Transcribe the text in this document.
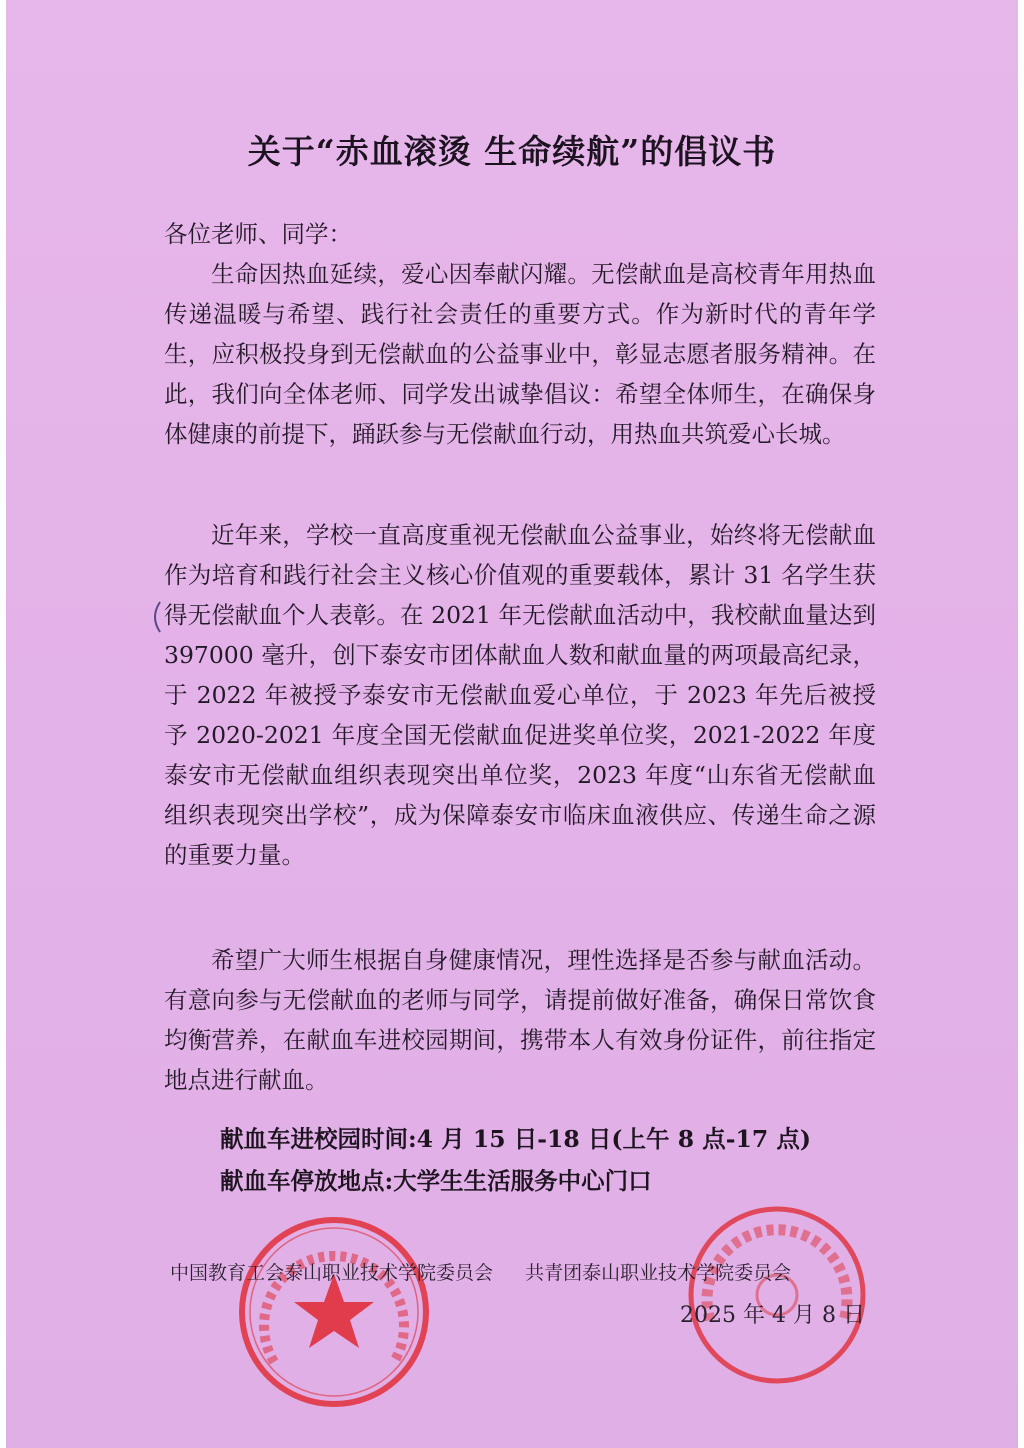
关于“赤血滚烫 生命续航”的倡议书
各位老师、同学：

生命因热血延续，爱心因奉献闪耀。无偿献血是高校青年用热血传递温暖与希望、践行社会责任的重要方式。作为新时代的青年学生，应积极投身到无偿献血的公益事业中，彰显志愿者服务精神。在此，我们向全体老师、同学发出诚挚倡议：希望全体师生，在确保身体健康的前提下，踊跃参与无偿献血行动，用热血共筑爱心长城。

近年来，学校一直高度重视无偿献血公益事业，始终将无偿献血作为培育和践行社会主义核心价值观的重要载体，累计 31 名学生获得无偿献血个人表彰。在 2021 年无偿献血活动中，我校献血量达到 397000 毫升，创下泰安市团体献血人数和献血量的两项最高纪录，于 2022 年被授予泰安市无偿献血爱心单位，于 2023 年先后被授予 2020-2021 年度全国无偿献血促进奖单位奖，2021-2022 年度泰安市无偿献血组织表现突出单位奖，2023 年度“山东省无偿献血组织表现突出学校”，成为保障泰安市临床血液供应、传递生命之源的重要力量。

希望广大师生根据自身健康情况，理性选择是否参与献血活动。有意向参与无偿献血的老师与同学，请提前做好准备，确保日常饮食均衡营养，在献血车进校园期间，携带本人有效身份证件，前往指定地点进行献血。

献血车进校园时间:4 月 15 日-18 日(上午 8 点-17 点)
献血车停放地点:大学生生活服务中心门口
中国教育工会泰山职业技术学院委员会 共青团泰山职业技术学院委员会
2025 年 4 月 8 日
